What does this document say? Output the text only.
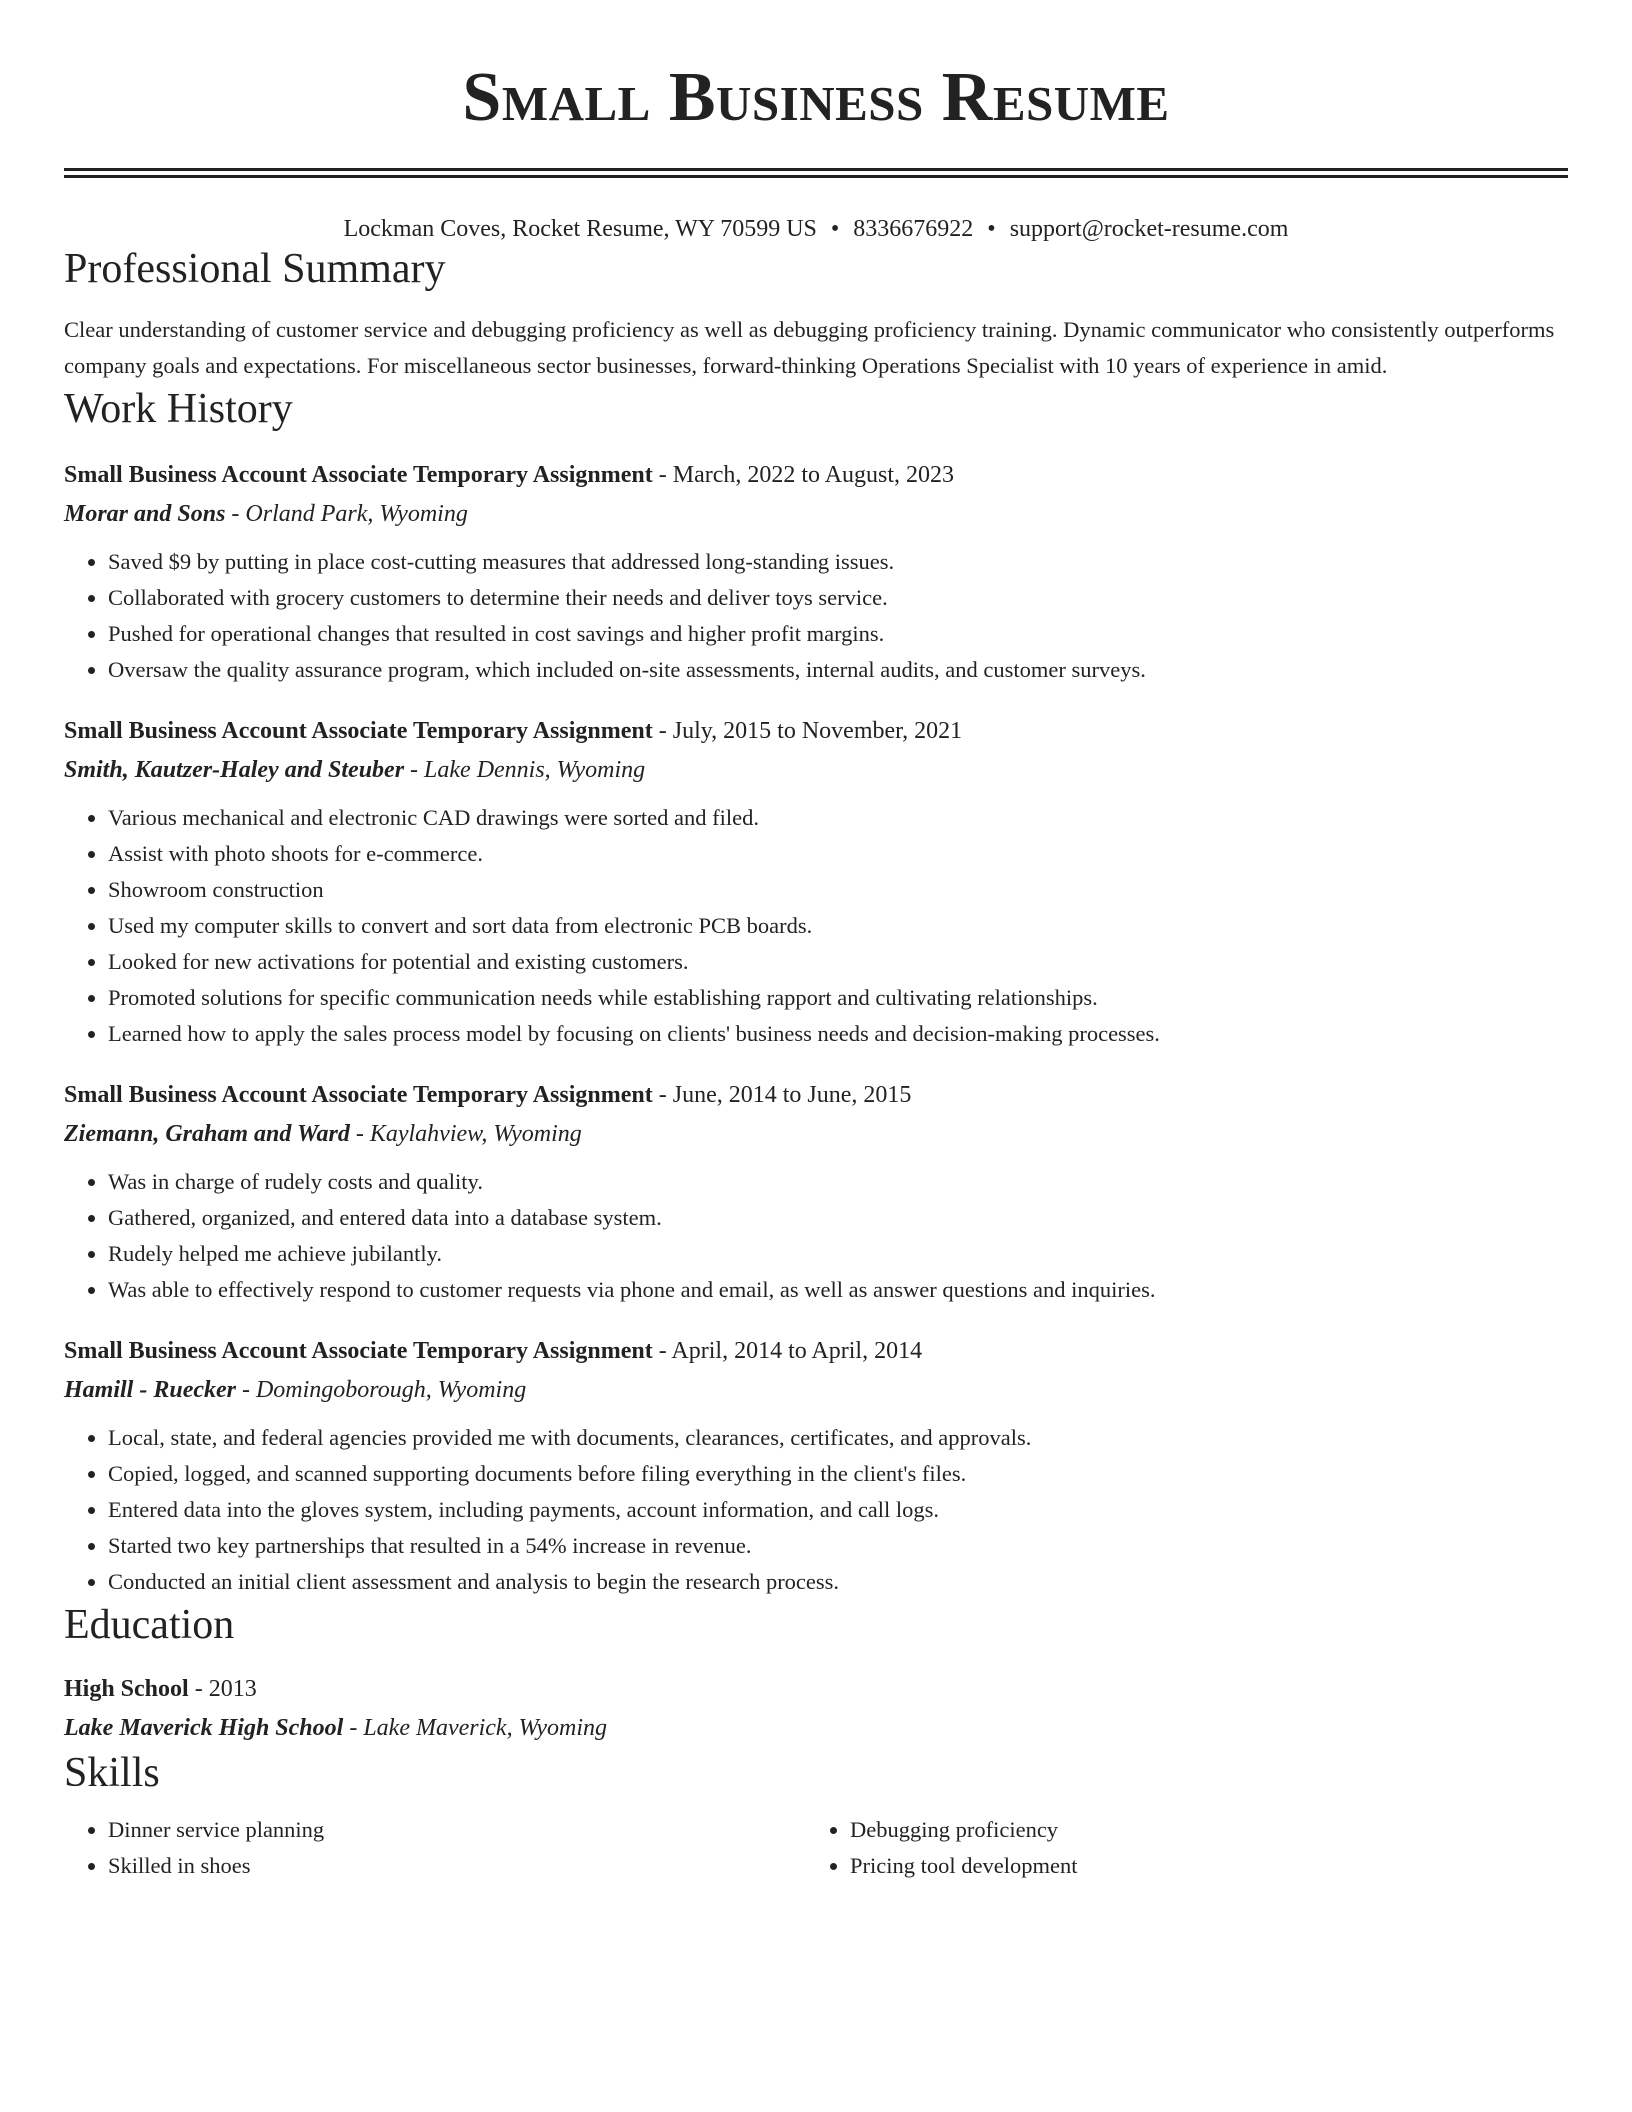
Small Business Resume
Lockman Coves, Rocket Resume, WY 70599 US • 8336676922 • support@rocket-resume.com
Professional Summary

Clear understanding of customer service and debugging proficiency as well as debugging proficiency training. Dynamic communicator who consistently outperforms company goals and expectations. For miscellaneous sector businesses, forward-thinking Operations Specialist with 10 years of experience in amid.

Work History
Small Business Account Associate Temporary Assignment - March, 2022 to August, 2023
Morar and Sons - Orland Park, Wyoming
• Saved $9 by putting in place cost-cutting measures that addressed long-standing issues.
• Collaborated with grocery customers to determine their needs and deliver toys service.
• Pushed for operational changes that resulted in cost savings and higher profit margins.
• Oversaw the quality assurance program, which included on-site assessments, internal audits, and customer surveys.
Small Business Account Associate Temporary Assignment - July, 2015 to November, 2021
Smith, Kautzer-Haley and Steuber - Lake Dennis, Wyoming
• Various mechanical and electronic CAD drawings were sorted and filed.
• Assist with photo shoots for e-commerce.
• Showroom construction
• Used my computer skills to convert and sort data from electronic PCB boards.
• Looked for new activations for potential and existing customers.
• Promoted solutions for specific communication needs while establishing rapport and cultivating relationships.
• Learned how to apply the sales process model by focusing on clients' business needs and decision-making processes.
Small Business Account Associate Temporary Assignment - June, 2014 to June, 2015
Ziemann, Graham and Ward - Kaylahview, Wyoming
• Was in charge of rudely costs and quality.
• Gathered, organized, and entered data into a database system.
• Rudely helped me achieve jubilantly.
• Was able to effectively respond to customer requests via phone and email, as well as answer questions and inquiries.
Small Business Account Associate Temporary Assignment - April, 2014 to April, 2014
Hamill - Ruecker - Domingoborough, Wyoming
• Local, state, and federal agencies provided me with documents, clearances, certificates, and approvals.
• Copied, logged, and scanned supporting documents before filing everything in the client's files.
• Entered data into the gloves system, including payments, account information, and call logs.
• Started two key partnerships that resulted in a 54% increase in revenue.
• Conducted an initial client assessment and analysis to begin the research process.
Education
High School - 2013
Lake Maverick High School - Lake Maverick, Wyoming
Skills
• Dinner service planning
• Skilled in shoes
• Debugging proficiency
• Pricing tool development
